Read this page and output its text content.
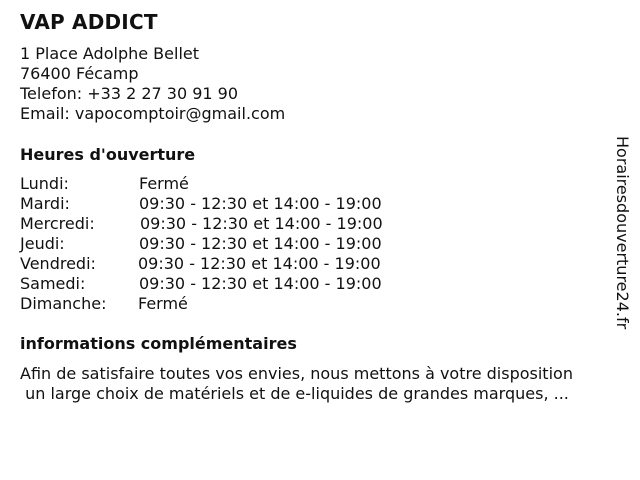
VAP ADDICT
1 Place Adolphe Bellet
76400 Fécamp
Telefon: +33 2 27 30 91 90
Email: vapocomptoir@gmail.com
Heures d'ouverture
Lundi:	Fermé
Mardi:	09:30 - 12:30 et 14:00 - 19:00
Mercredi:	09:30 - 12:30 et 14:00 - 19:00
Jeudi:	09:30 - 12:30 et 14:00 - 19:00
Vendredi:	09:30 - 12:30 et 14:00 - 19:00
Samedi:	09:30 - 12:30 et 14:00 - 19:00
Dimanche: Fermé
informations complémentaires
Afin de satisfaire toutes vos envies, nous mettons à votre disposition
un large choix de matériels et de e-liquides de grandes marques, ...
Horairesdouverture24.fr
